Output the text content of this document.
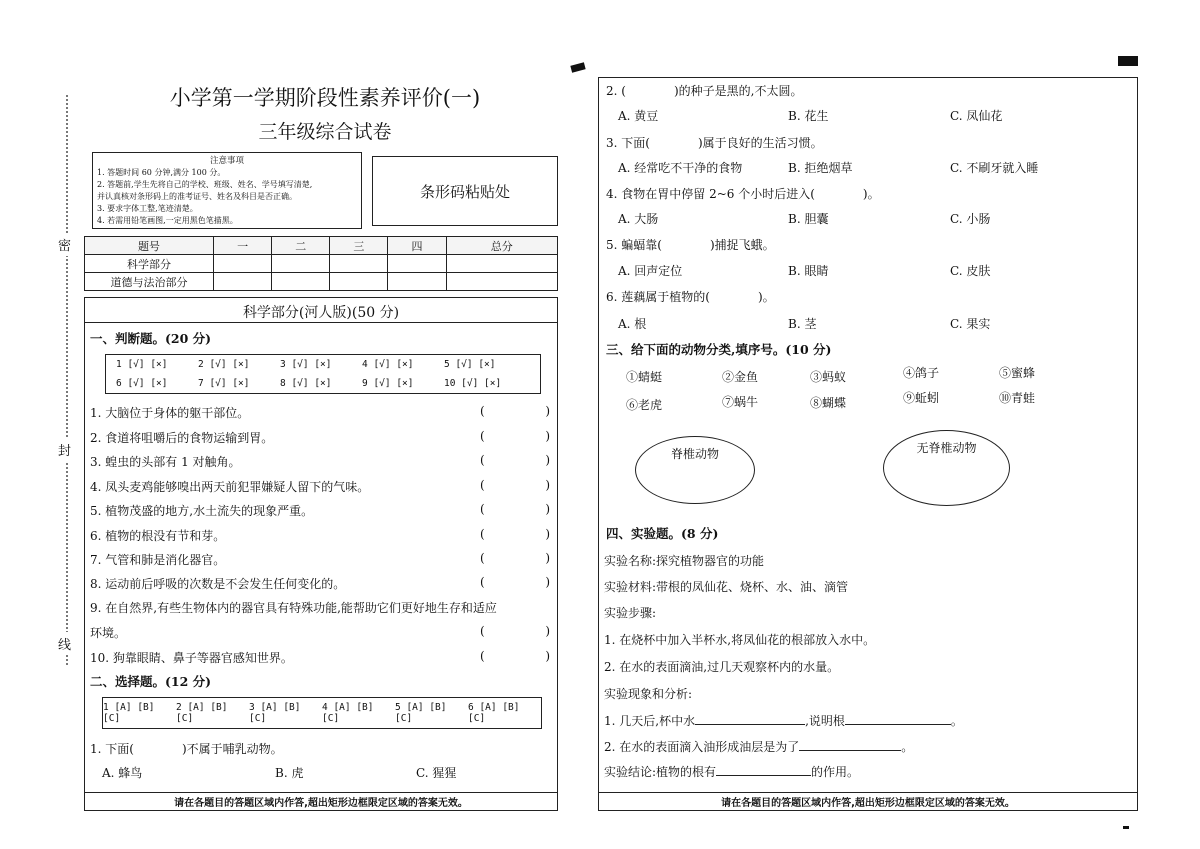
密
封
线
小学第一学期阶段性素养评价(一)
三年级综合试卷
注意事项
1. 答题时间 60 分钟,满分 100 分。
2. 答题前,学生先将自己的学校、班级、姓名、学号填写清楚,
并认真核对条形码上的准考证号、姓名及科目是否正确。
3. 要求字体工整,笔迹清楚。
4. 若需用铅笔画图,一定用黑色笔描黑。
条形码粘贴处
题号	一	二	三	四	总分
科学部分					
道德与法治部分					
科学部分(河人版)(50 分)
一、判断题。(20 分)
1 [√] [×]	2 [√] [×]	3 [√] [×]	4 [√] [×]	5 [√] [×]
6 [√] [×]	7 [√] [×]	8 [√] [×]	9 [√] [×]	10 [√] [×]
1. 大脑位于身体的躯干部位。	(	)
2. 食道将咀嚼后的食物运输到胃。	(	)
3. 蝗虫的头部有 1 对触角。	(	)
4. 凤头麦鸡能够嗅出两天前犯罪嫌疑人留下的气味。	(	)
5. 植物茂盛的地方,水土流失的现象严重。	(	)
6. 植物的根没有节和芽。	(	)
7. 气管和肺是消化器官。	(	)
8. 运动前后呼吸的次数是不会发生任何变化的。	(	)
9. 在自然界,有些生物体内的器官具有特殊功能,能帮助它们更好地生存和适应
环境。	(	)
10. 狗靠眼睛、鼻子等器官感知世界。	(	)
二、选择题。(12 分)
1 [A] [B] [C]
2 [A] [B] [C]
3 [A] [B] [C]
4 [A] [B] [C]
5 [A] [B] [C]
6 [A] [B] [C]
1. 下面(　　　　)不属于哺乳动物。
A. 蜂鸟	B. 虎	C. 猩猩
请在各题目的答题区域内作答,超出矩形边框限定区域的答案无效。
2. (　　　　)的种子是黑的,不太圆。
A. 黄豆	B. 花生	C. 凤仙花
3. 下面(　　　　)属于良好的生活习惯。
A. 经常吃不干净的食物	B. 拒绝烟草	C. 不刷牙就入睡
4. 食物在胃中停留 2~6 个小时后进入(　　　　)。
A. 大肠	B. 胆囊	C. 小肠
5. 蝙蝠靠(　　　　)捕捉飞蛾。
A. 回声定位	B. 眼睛	C. 皮肤
6. 莲藕属于植物的(　　　　)。
A. 根	B. 茎	C. 果实
三、给下面的动物分类,填序号。(10 分)
①蜻蜓	②金鱼	③蚂蚁	④鸽子	⑤蜜蜂
⑥老虎	⑦蜗牛	⑧蝴蝶	⑨蚯蚓	⑩青蛙
脊椎动物	无脊椎动物
四、实验题。(8 分)
实验名称:探究植物器官的功能
实验材料:带根的凤仙花、烧杯、水、油、滴管
实验步骤:
1. 在烧杯中加入半杯水,将凤仙花的根部放入水中。
2. 在水的表面滴油,过几天观察杯内的水量。
实验现象和分析:
1. 几天后,杯中水	,说明根	。
2. 在水的表面滴入油形成油层是为了	。
实验结论:植物的根有	的作用。
请在各题目的答题区域内作答,超出矩形边框限定区域的答案无效。
